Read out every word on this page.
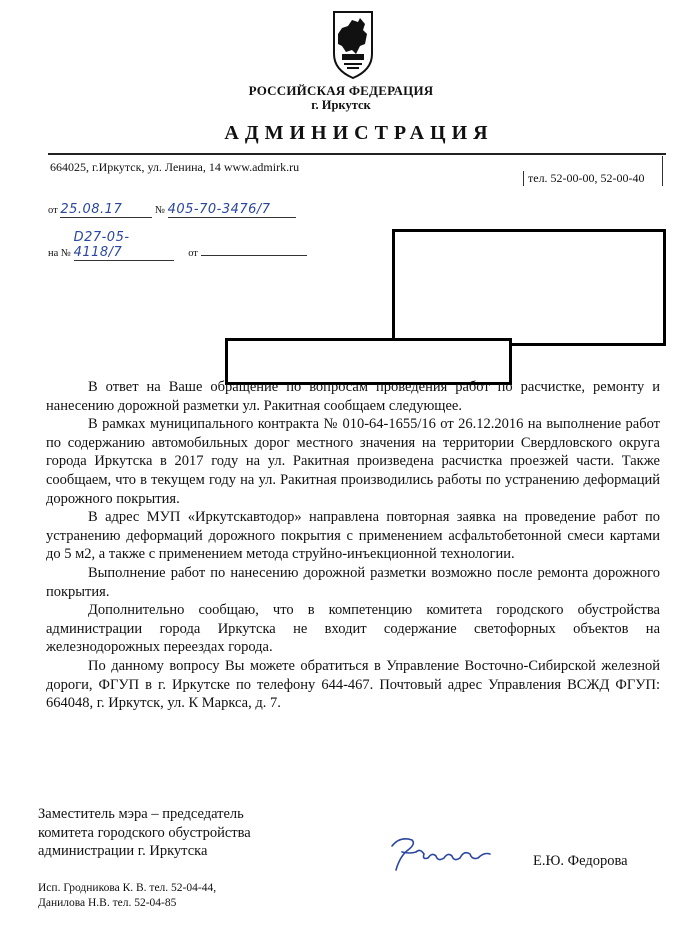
РОССИЙСКАЯ ФЕДЕРАЦИЯ
г. Иркутск
АДМИНИСТРАЦИЯ
664025, г.Иркутск, ул. Ленина, 14 www.admirk.ru
тел. 52-00-00, 52-00-40
от 25.08.17	№ 405-70-3476/7
на № D27-05-4118/7	от

В ответ на Ваше обращение по вопросам проведения работ по расчистке, ремонту и нанесению дорожной разметки ул. Ракитная сообщаем следующее.

В рамках муниципального контракта № 010-64-1655/16 от 26.12.2016 на выполнение работ по содержанию автомобильных дорог местного значения на территории Свердловского округа города Иркутска в 2017 году на ул. Ракитная произведена расчистка проезжей части. Также сообщаем, что в текущем году на ул. Ракитная производились работы по устранению деформаций дорожного покрытия.

В адрес МУП «Иркутскавтодор» направлена повторная заявка на проведение работ по устранению деформаций дорожного покрытия с применением асфальтобетонной смеси картами до 5 м2, а также с применением метода струйно-инъекционной технологии.

Выполнение работ по нанесению дорожной разметки возможно после ремонта дорожного покрытия.

Дополнительно сообщаю, что в компетенцию комитета городского обустройства администрации города Иркутска не входит содержание светофорных объектов на железнодорожных переездах города.

По данному вопросу Вы можете обратиться в Управление Восточно-Сибирской железной дороги, ФГУП в г. Иркутске по телефону 644-467. Почтовый адрес Управления ВСЖД ФГУП: 664048, г. Иркутск, ул. К Маркса, д. 7.

Заместитель мэра – председатель
комитета городского обустройства
администрации г. Иркутска
Е.Ю. Федорова
Исп. Гродникова К. В. тел. 52-04-44,
Данилова Н.В. тел. 52-04-85
